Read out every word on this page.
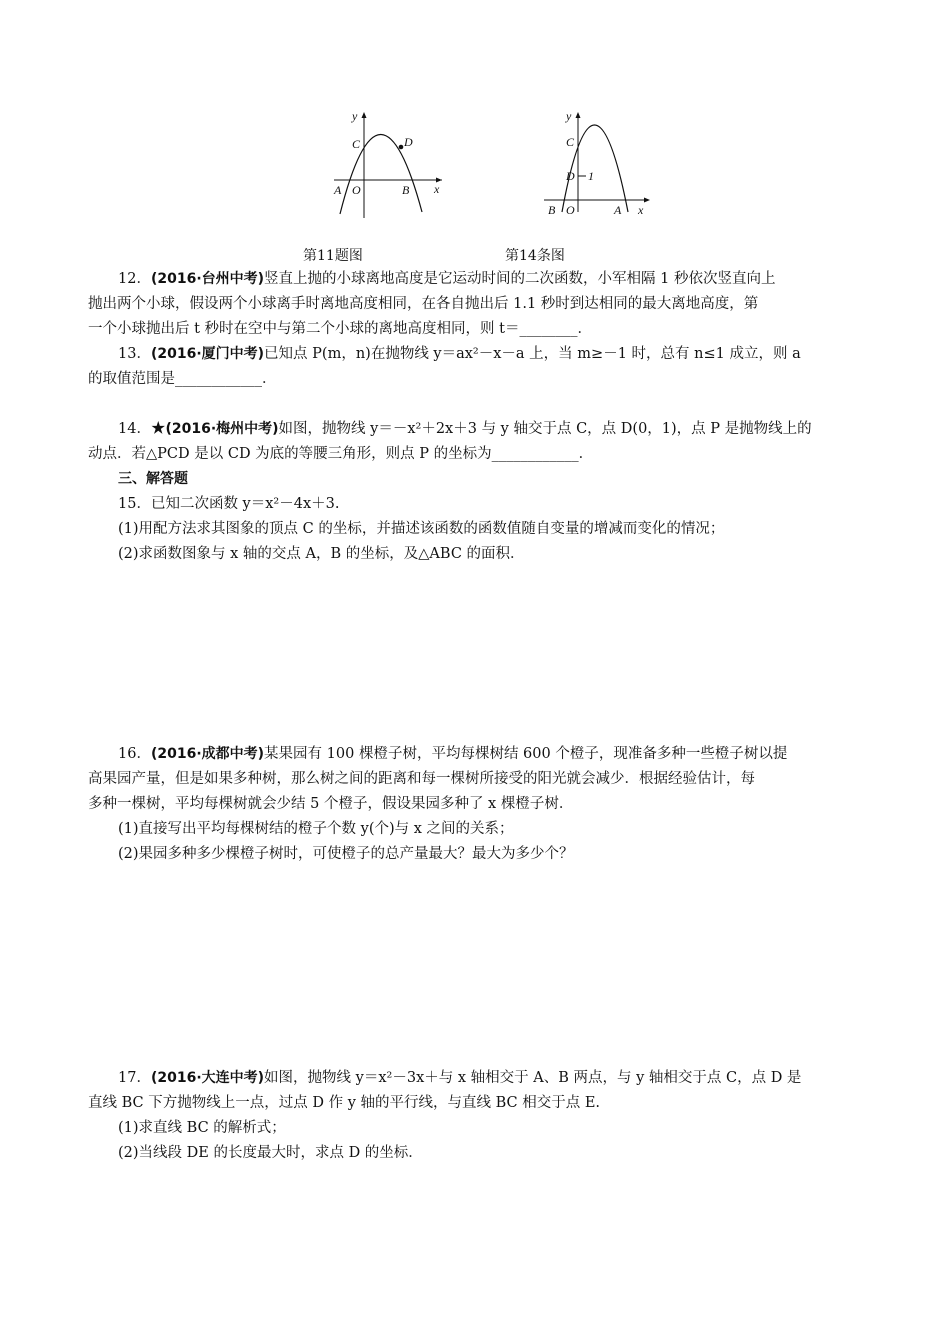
y
x
C	D
A O	B
y
x
C
D 1
B O	A
第11题图	第14条图
12．(2016·台州中考)竖直上抛的小球离地高度是它运动时间的二次函数，小军相隔 1 秒依次竖直向上
抛出两个小球，假设两个小球离手时离地高度相同，在各自抛出后 1.1 秒时到达相同的最大离地高度，第
一个小球抛出后 t 秒时在空中与第二个小球的离地高度相同，则 t＝________．
13．(2016·厦门中考)已知点 P(m，n)在抛物线 y＝ax²－x－a 上，当 m≥－1 时，总有 n≤1 成立，则 a
的取值范围是____________．
14．★(2016·梅州中考)如图，抛物线 y＝－x²＋2x＋3 与 y 轴交于点 C，点 D(0，1)，点 P 是抛物线上的
动点．若△PCD 是以 CD 为底的等腰三角形，则点 P 的坐标为____________．
三、解答题
15．已知二次函数 y＝x²－4x＋3.
(1)用配方法求其图象的顶点 C 的坐标，并描述该函数的函数值随自变量的增减而变化的情况；
(2)求函数图象与 x 轴的交点 A，B 的坐标，及△ABC 的面积．
16．(2016·成都中考)某果园有 100 棵橙子树，平均每棵树结 600 个橙子，现准备多种一些橙子树以提
高果园产量，但是如果多种树，那么树之间的距离和每一棵树所接受的阳光就会减少．根据经验估计，每
多种一棵树，平均每棵树就会少结 5 个橙子，假设果园多种了 x 棵橙子树．
(1)直接写出平均每棵树结的橙子个数 y(个)与 x 之间的关系；
(2)果园多种多少棵橙子树时，可使橙子的总产量最大？最大为多少个？
17．(2016·大连中考)如图，抛物线 y＝x²－3x＋与 x 轴相交于 A、B 两点，与 y 轴相交于点 C，点 D 是
直线 BC 下方抛物线上一点，过点 D 作 y 轴的平行线，与直线 BC 相交于点 E.
(1)求直线 BC 的解析式；
(2)当线段 DE 的长度最大时，求点 D 的坐标．
